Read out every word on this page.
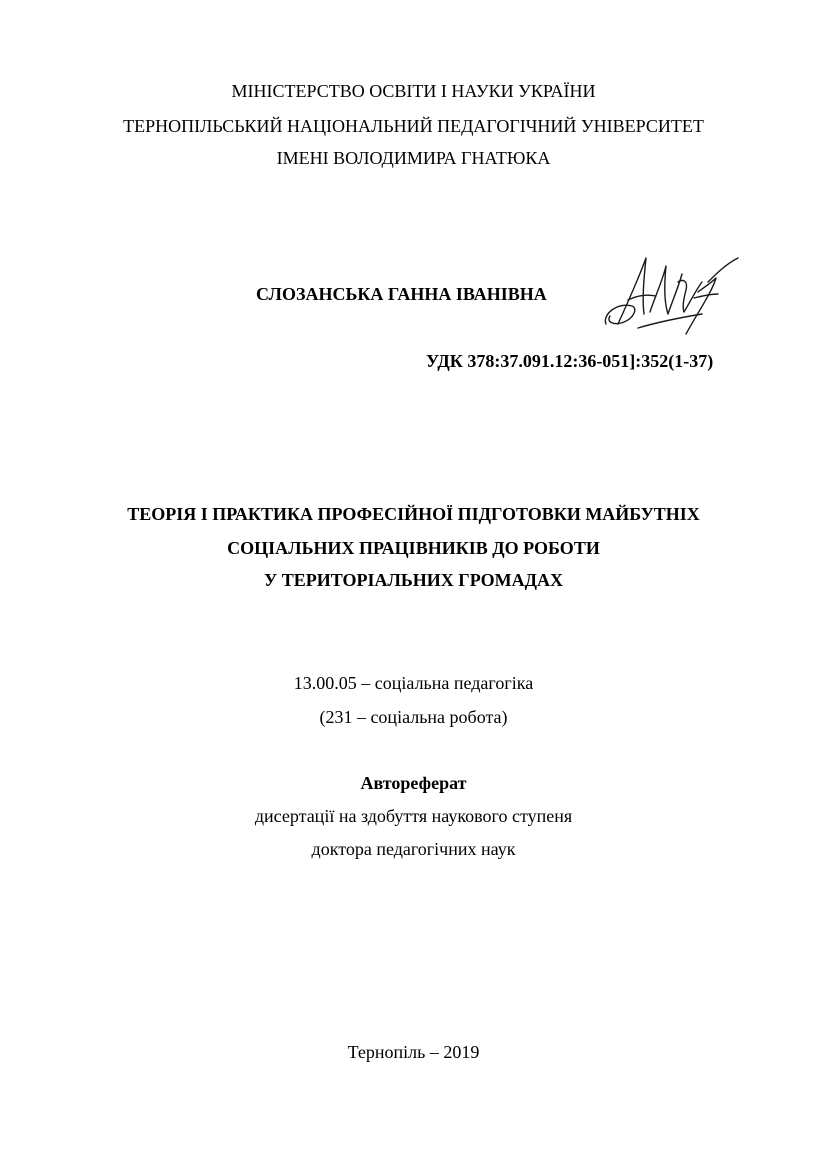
МІНІСТЕРСТВО ОСВІТИ І НАУКИ УКРАЇНИ
ТЕРНОПІЛЬСЬКИЙ НАЦІОНАЛЬНИЙ ПЕДАГОГІЧНИЙ УНІВЕРСИТЕТ
ІМЕНІ ВОЛОДИМИРА ГНАТЮКА
СЛОЗАНСЬКА ГАННА ІВАНІВНА
УДК 378:37.091.12:36-051]:352(1-37)
ТЕОРІЯ І ПРАКТИКА ПРОФЕСІЙНОЇ ПІДГОТОВКИ МАЙБУТНІХ
СОЦІАЛЬНИХ ПРАЦІВНИКІВ ДО РОБОТИ
У ТЕРИТОРІАЛЬНИХ ГРОМАДАХ
13.00.05 – соціальна педагогіка
(231 – соціальна робота)
Автореферат
дисертації на здобуття наукового ступеня
доктора педагогічних наук
Тернопіль – 2019
